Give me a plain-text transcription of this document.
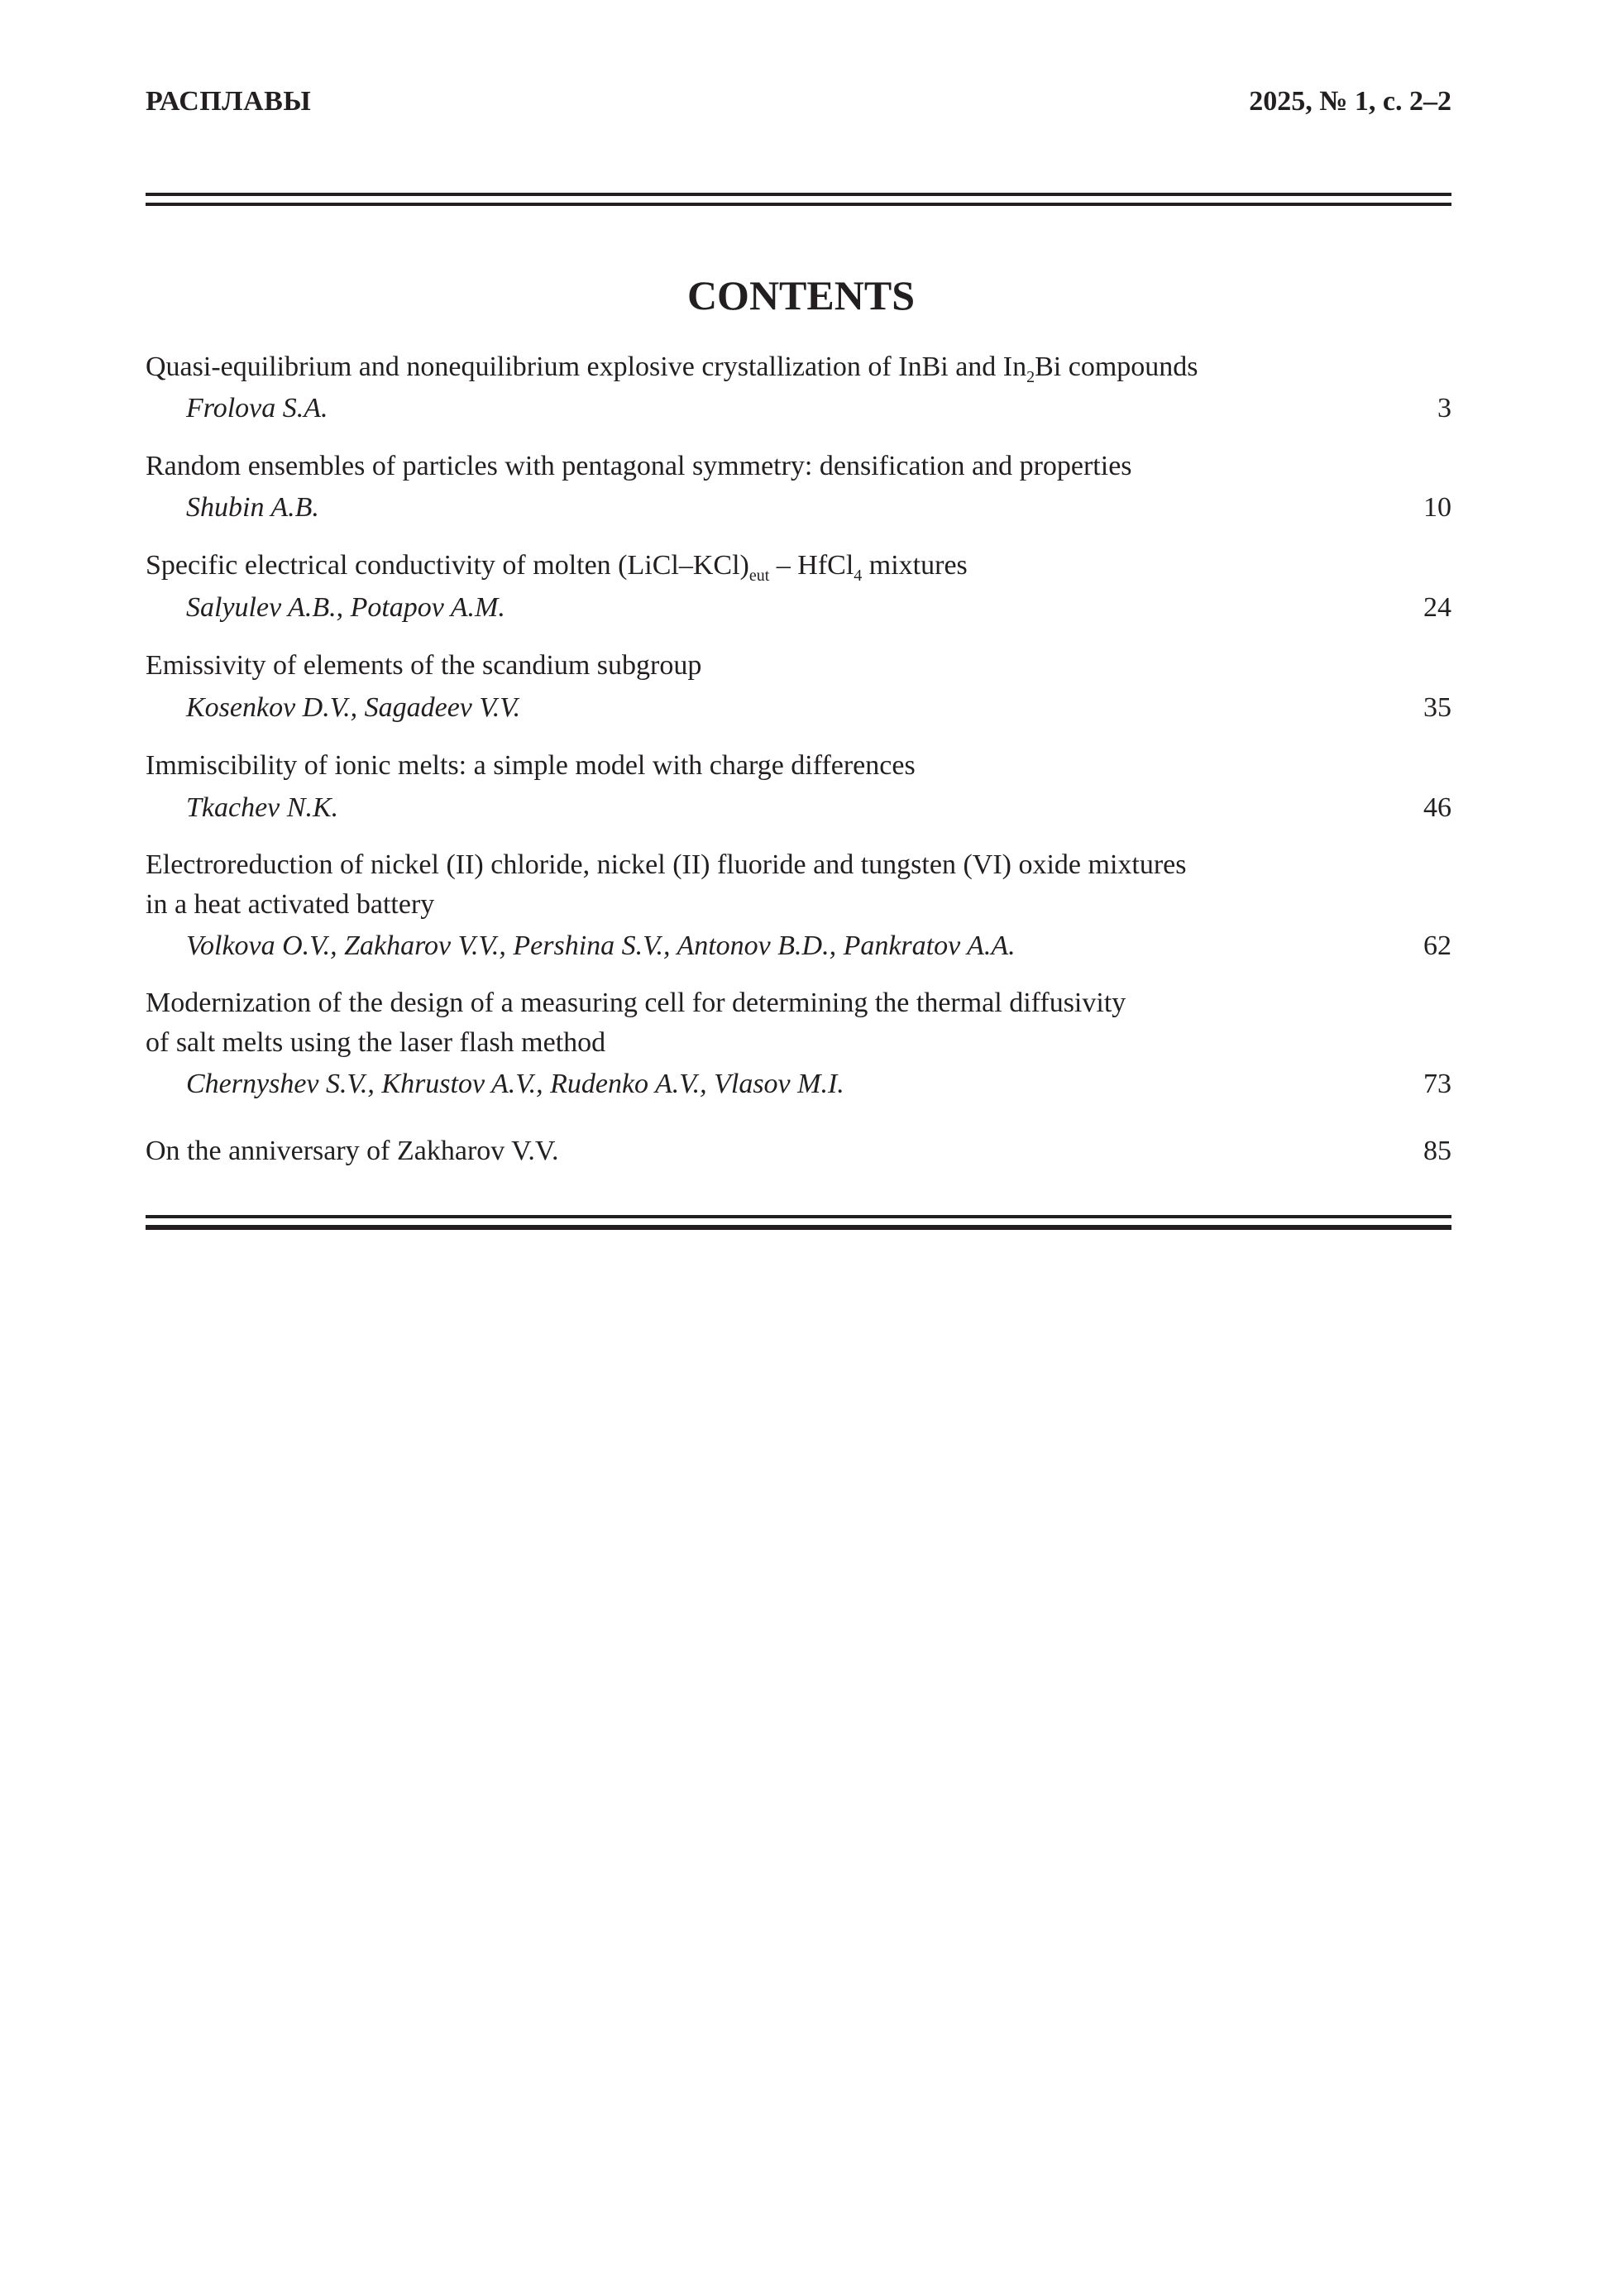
РАСПЛАВЫ	2025, № 1, с. 2–2
CONTENTS
Quasi-equilibrium and nonequilibrium explosive crystallization of InBi and $In_2Bi$ compounds
Frolova S.A.	3
Random ensembles of particles with pentagonal symmetry: densification and properties
Shubin A.B.	10
Specific electrical conductivity of molten $(LiCl-KCl)_{eut}$ – HfCl$_4$ mixtures
Salyulev A.B., Potapov A.M.	24
Emissivity of elements of the scandium subgroup
Kosenkov D.V., Sagadeev V.V.	35
Immiscibility of ionic melts: a simple model with charge differences
Tkachev N.K.	46
Electroreduction of nickel (II) chloride, nickel (II) fluoride and tungsten (VI) oxide mixtures
in a heat activated battery
Volkova O.V., Zakharov V.V., Pershina S.V., Antonov B.D., Pankratov A.A.	62
Modernization of the design of a measuring cell for determining the thermal diffusivity
of salt melts using the laser flash method
Chernyshev S.V., Khrustov A.V., Rudenko A.V., Vlasov M.I.	73
On the anniversary of Zakharov V.V.	85
